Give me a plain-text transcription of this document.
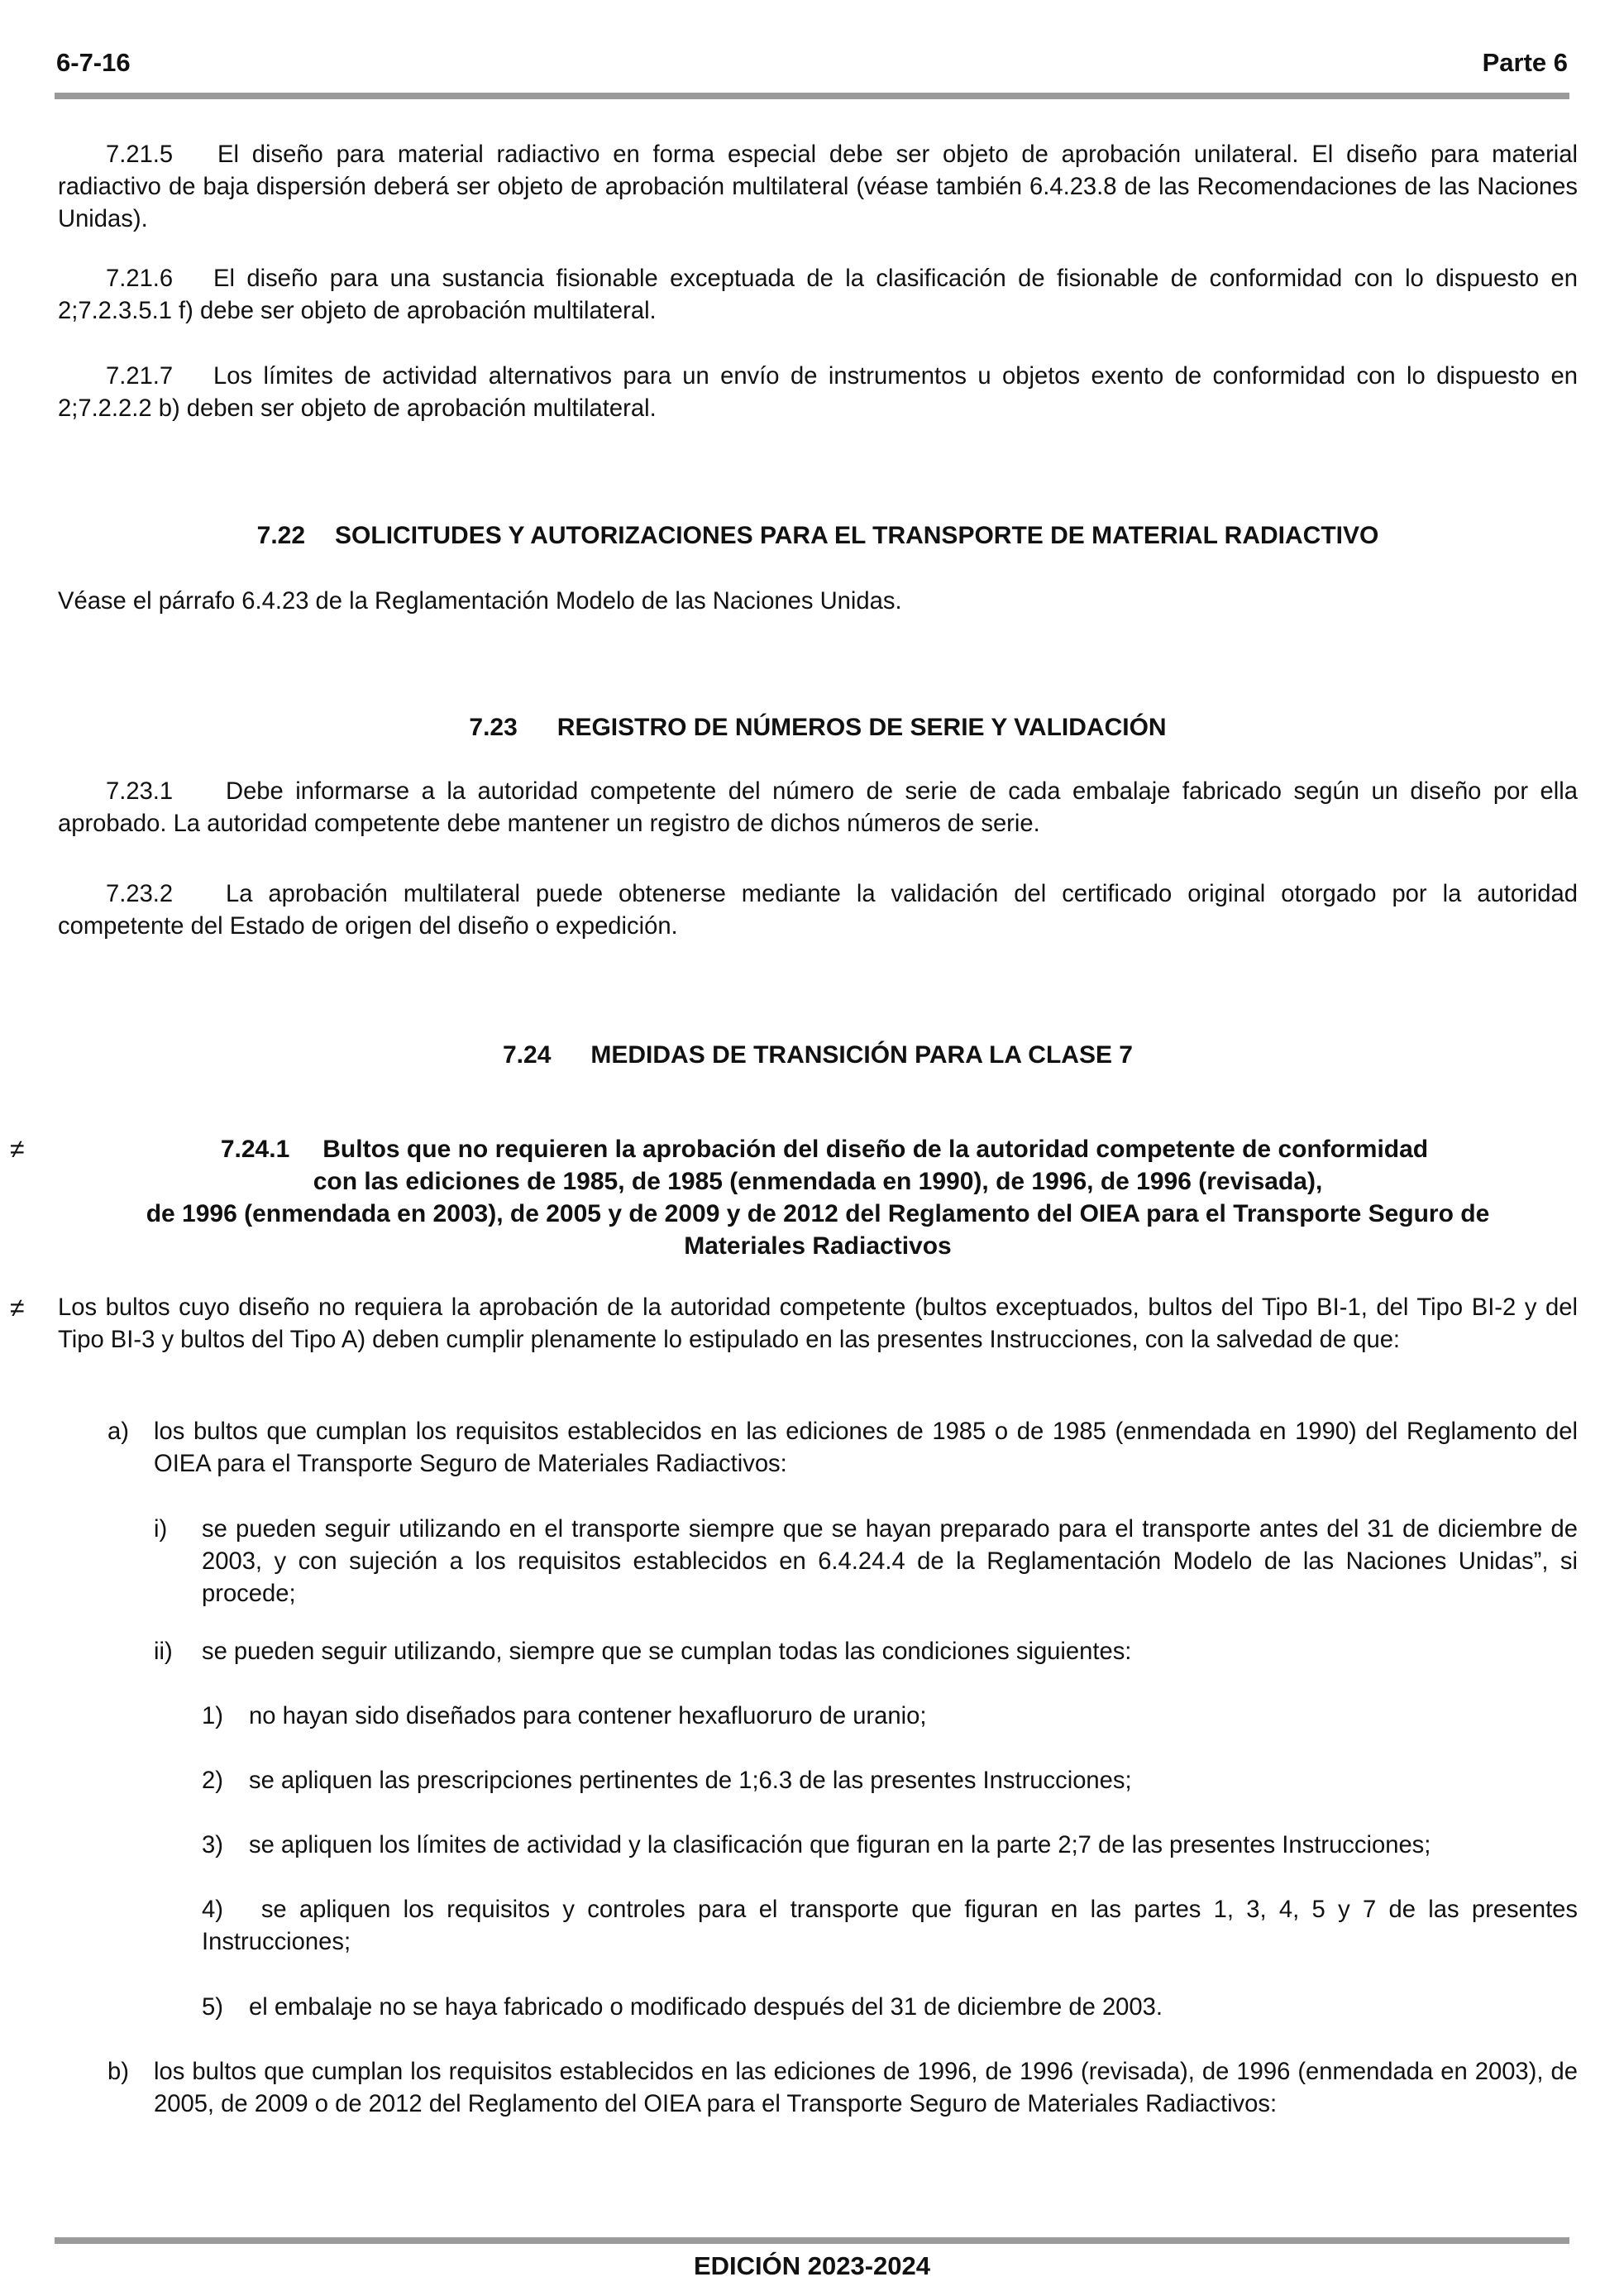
6-7-16	Parte 6
7.21.5 El diseño para material radiactivo en forma especial debe ser objeto de aprobación unilateral. El diseño para material radiactivo de baja dispersión deberá ser objeto de aprobación multilateral (véase también 6.4.23.8 de las Recomendaciones de las Naciones Unidas).
7.21.6 El diseño para una sustancia fisionable exceptuada de la clasificación de fisionable de conformidad con lo dispuesto en 2;7.2.3.5.1 f) debe ser objeto de aprobación multilateral.
7.21.7 Los límites de actividad alternativos para un envío de instrumentos u objetos exento de conformidad con lo dispuesto en 2;7.2.2.2 b) deben ser objeto de aprobación multilateral.
7.22 SOLICITUDES Y AUTORIZACIONES PARA EL TRANSPORTE DE MATERIAL RADIACTIVO
Véase el párrafo 6.4.23 de la Reglamentación Modelo de las Naciones Unidas.
7.23 REGISTRO DE NÚMEROS DE SERIE Y VALIDACIÓN
7.23.1 Debe informarse a la autoridad competente del número de serie de cada embalaje fabricado según un diseño por ella aprobado. La autoridad competente debe mantener un registro de dichos números de serie.
7.23.2 La aprobación multilateral puede obtenerse mediante la validación del certificado original otorgado por la autoridad competente del Estado de origen del diseño o expedición.
7.24 MEDIDAS DE TRANSICIÓN PARA LA CLASE 7
7.24.1 Bultos que no requieren la aprobación del diseño de la autoridad competente de conformidad
con las ediciones de 1985, de 1985 (enmendada en 1990), de 1996, de 1996 (revisada),
de 1996 (enmendada en 2003), de 2005 y de 2009 y de 2012 del Reglamento del OIEA para el Transporte Seguro de
Materiales Radiactivos
Los bultos cuyo diseño no requiera la aprobación de la autoridad competente (bultos exceptuados, bultos del Tipo BI-1, del Tipo BI-2 y del Tipo BI-3 y bultos del Tipo A) deben cumplir plenamente lo estipulado en las presentes Instrucciones, con la salvedad de que:
a) los bultos que cumplan los requisitos establecidos en las ediciones de 1985 o de 1985 (enmendada en 1990) del Reglamento del OIEA para el Transporte Seguro de Materiales Radiactivos:
i) se pueden seguir utilizando en el transporte siempre que se hayan preparado para el transporte antes del 31 de diciembre de 2003, y con sujeción a los requisitos establecidos en 6.4.24.4 de la Reglamentación Modelo de las Naciones Unidas”, si procede;
ii) se pueden seguir utilizando, siempre que se cumplan todas las condiciones siguientes:
1) no hayan sido diseñados para contener hexafluoruro de uranio;
2) se apliquen las prescripciones pertinentes de 1;6.3 de las presentes Instrucciones;
3) se apliquen los límites de actividad y la clasificación que figuran en la parte 2;7 de las presentes Instrucciones;
4) se apliquen los requisitos y controles para el transporte que figuran en las partes 1, 3, 4, 5 y 7 de las presentes Instrucciones;
5) el embalaje no se haya fabricado o modificado después del 31 de diciembre de 2003.
b) los bultos que cumplan los requisitos establecidos en las ediciones de 1996, de 1996 (revisada), de 1996 (enmendada en 2003), de 2005, de 2009 o de 2012 del Reglamento del OIEA para el Transporte Seguro de Materiales Radiactivos:
≠
≠
EDICIÓN 2023-2024
